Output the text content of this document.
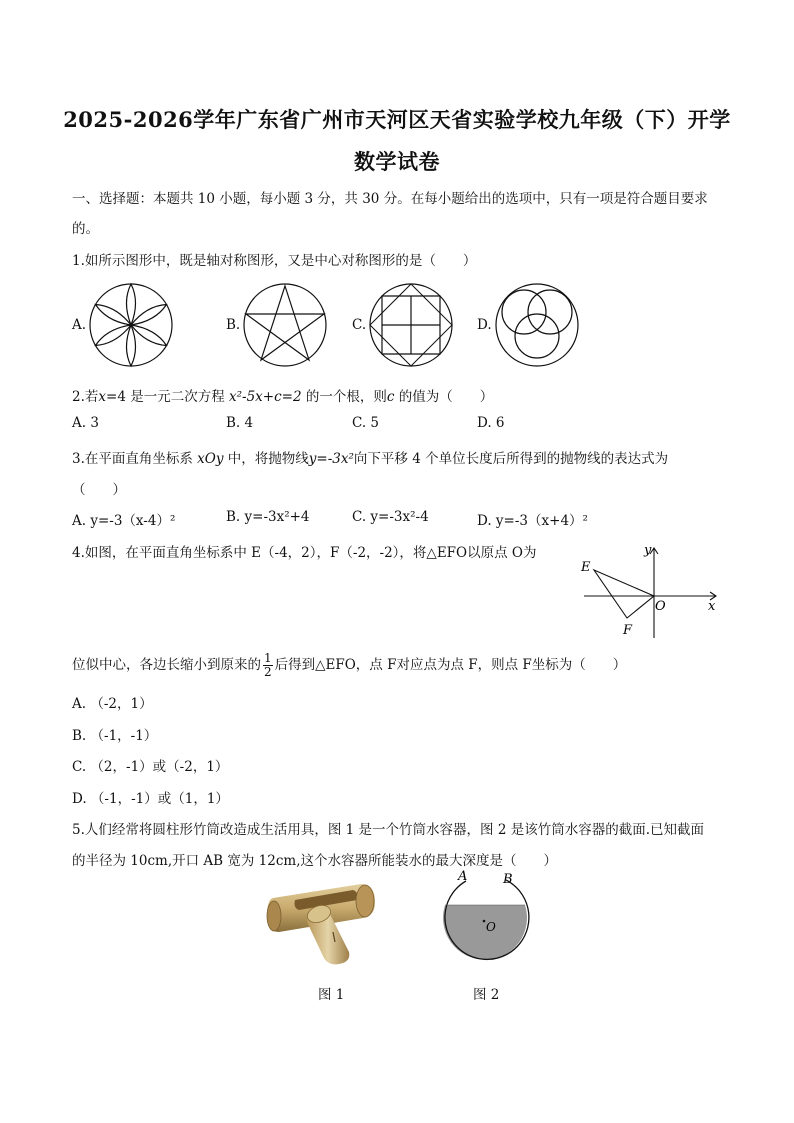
2025-2026学年广东省广州市天河区天省实验学校九年级（下）开学
数学试卷
一、选择题：本题共 10 小题，每小题 3 分，共 30 分。在每小题给出的选项中，只有一项是符合题目要求
的。
1.如所示图形中，既是轴对称图形，又是中心对称图形的是（　　）
A.	B.	C.	D.
2.若x=4 是一元二次方程 x²-5x+c=2 的一个根，则c 的值为（　　）
A. 3	B. 4	C. 5	D. 6
3.在平面直角坐标系 xOy 中，将抛物线y=-3x²向下平移 4 个单位长度后所得到的抛物线的表达式为
（　　）
A. y=-3（x-4）²	B. y=-3x²+4	C. y=-3x²-4	D. y=-3（x+4）²
4.如图，在平面直角坐标系中 E（-4，2），F（-2，-2），将△EFO以原点 O为	y
x
E
O
F
位似中心，各边长缩小到原来的 $\frac{1}{2}$ 后得到△EFO，点 F对应点为点 F，则点 F坐标为（　　）
A. （-2，1）
B. （-1，-1）
C. （2，-1）或（-2，1）
D. （-1，-1）或（1，1）
5.人们经常将圆柱形竹筒改造成生活用具，图 1 是一个竹筒水容器，图 2 是该竹筒水容器的截面.已知截面
的半径为 10cm,开口 AB 宽为 12cm,这个水容器所能装水的最大深度是（　　）
图 1
A	B
O
图 2
